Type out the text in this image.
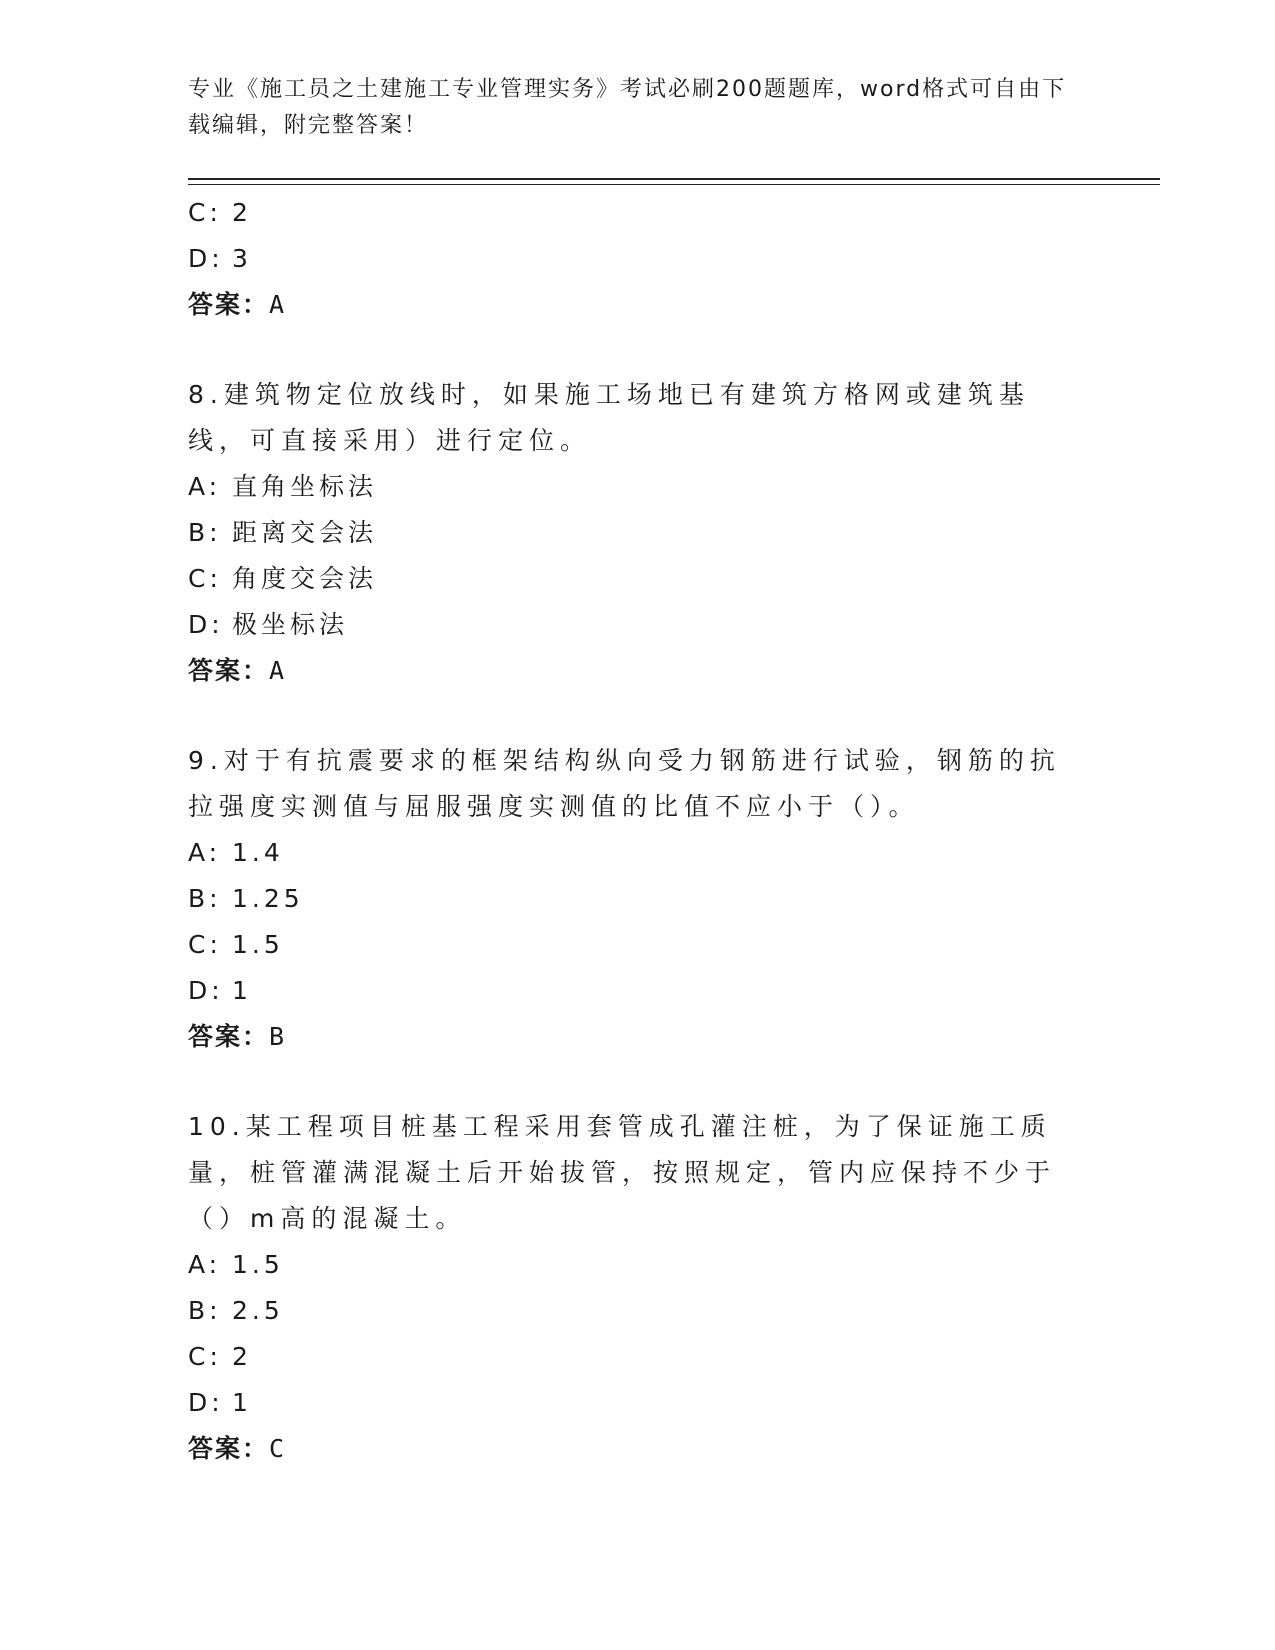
专业《施工员之土建施工专业管理实务》考试必刷200题题库，word格式可自由下载编辑，附完整答案！
C: 2
D: 3
答案：A
8.建筑物定位放线时，如果施工场地已有建筑方格网或建筑基线，可直接采用）进行定位。
A: 直角坐标法
B: 距离交会法
C: 角度交会法
D: 极坐标法
答案：A
9.对于有抗震要求的框架结构纵向受力钢筋进行试验，钢筋的抗拉强度实测值与屈服强度实测值的比值不应小于（）。
A: 1.4
B: 1.25
C: 1.5
D: 1
答案：B
10.某工程项目桩基工程采用套管成孔灌注桩，为了保证施工质量，桩管灌满混凝土后开始拔管，按照规定，管内应保持不少于（）m高的混凝土。
A: 1.5
B: 2.5
C: 2
D: 1
答案：C
